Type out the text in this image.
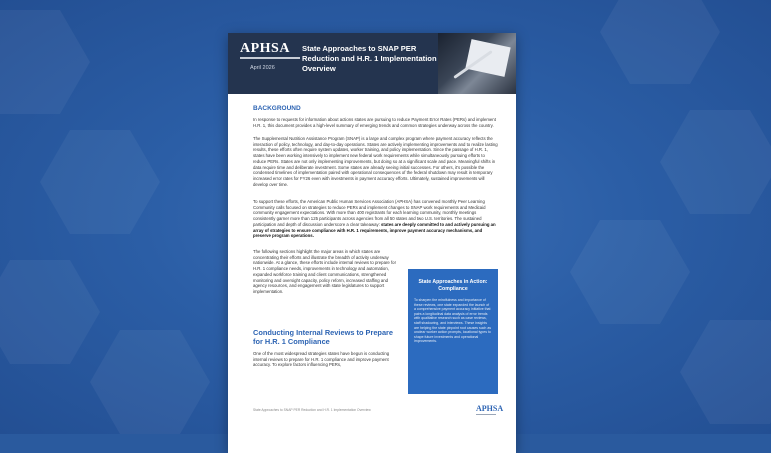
APHSA
April 2026
State Approaches to SNAP PER Reduction and H.R. 1 Implementation Overview
BACKGROUND
In response to requests for information about actions states are pursuing to reduce Payment Error Rates (PERs) and implement H.R. 1, this document provides a high-level summary of emerging trends and common strategies underway across the country.
The Supplemental Nutrition Assistance Program (SNAP) is a large and complex program where payment accuracy reflects the interaction of policy, technology, and day-to-day operations. States are actively implementing improvements and to realize lasting results, these efforts often require system updates, worker training, and policy implementation. Since the passage of H.R. 1, states have been working intensively to implement new federal work requirements while simultaneously pursuing efforts to reduce PERs. States are not only implementing improvements, but doing so at a significant scale and pace. Meaningful shifts in data require time and deliberate investment. Some states are already seeing initial successes. For others, it's possible the condensed timelines of implementation paired with operational consequences of the federal shutdown may result in temporary increased error rates for FY26 even with investments in payment accuracy efforts. Ultimately, sustained improvements will develop over time.
To support these efforts, the American Public Human Services Association (APHSA) has convened monthly Peer Learning Community calls focused on strategies to reduce PERs and implement changes to SNAP work requirements and Medicaid community engagement expectations. With more than 400 registrants for each learning community, monthly meetings consistently garner more than 125 participants across agencies from all 50 states and two U.S. territories. The sustained participation and depth of discussion underscore a clear takeaway: states are deeply committed to and actively pursuing an array of strategies to ensure compliance with H.R. 1 requirements, improve payment accuracy mechanisms, and preserve program operations.
The following sections highlight the major areas in which states are concentrating their efforts and illustrate the breadth of activity underway nationwide. At a glance, these efforts include internal reviews to prepare for H.R. 1 compliance needs, improvements in technology and automation, expanded workforce training and client communications, strengthened monitoring and oversight capacity, policy reform, increased staffing and agency resources, and engagement with state legislatures to support implementation.
Conducting Internal Reviews to Prepare for H.R. 1 Compliance
One of the most widespread strategies states have begun is conducting internal reviews to prepare for H.R. 1 compliance and improve payment accuracy. To explore factors influencing PERs,
State Approaches in Action: Compliance
To sharpen the mindfulness and importance of these reviews, one state expanded the launch of a comprehensive payment accuracy initiative that pairs a longitudinal data analysis of error trends with qualitative research such as case reviews, staff shadowing, and interviews. These insights are helping the state pinpoint root causes such as unclear worker action prompts, locational types to shape future investments and operational improvements.
State Approaches to SNAP PER Reduction and H.R. 1 Implementation Overview	APHSA
